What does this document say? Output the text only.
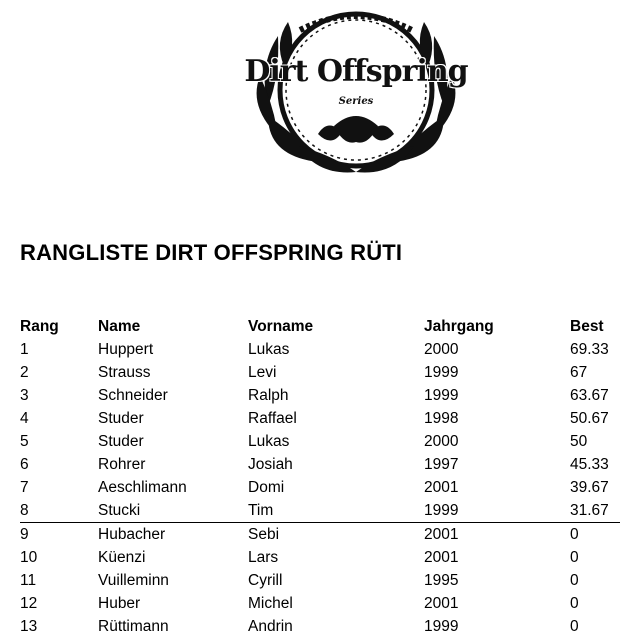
Dirt Offspring
Series
RANGLISTE DIRT OFFSPRING RÜTI
Rang	Name	Vorname	Jahrgang	Best
1	Huppert	Lukas	2000	69.33
2	Strauss	Levi	1999	67
3	Schneider	Ralph	1999	63.67
4	Studer	Raffael	1998	50.67
5	Studer	Lukas	2000	50
6	Rohrer	Josiah	1997	45.33
7	Aeschlimann	Domi	2001	39.67
8	Stucki	Tim	1999	31.67
9	Hubacher	Sebi	2001	0
10	Küenzi	Lars	2001	0
11	Vuilleminn	Cyrill	1995	0
12	Huber	Michel	2001	0
13	Rüttimann	Andrin	1999	0
